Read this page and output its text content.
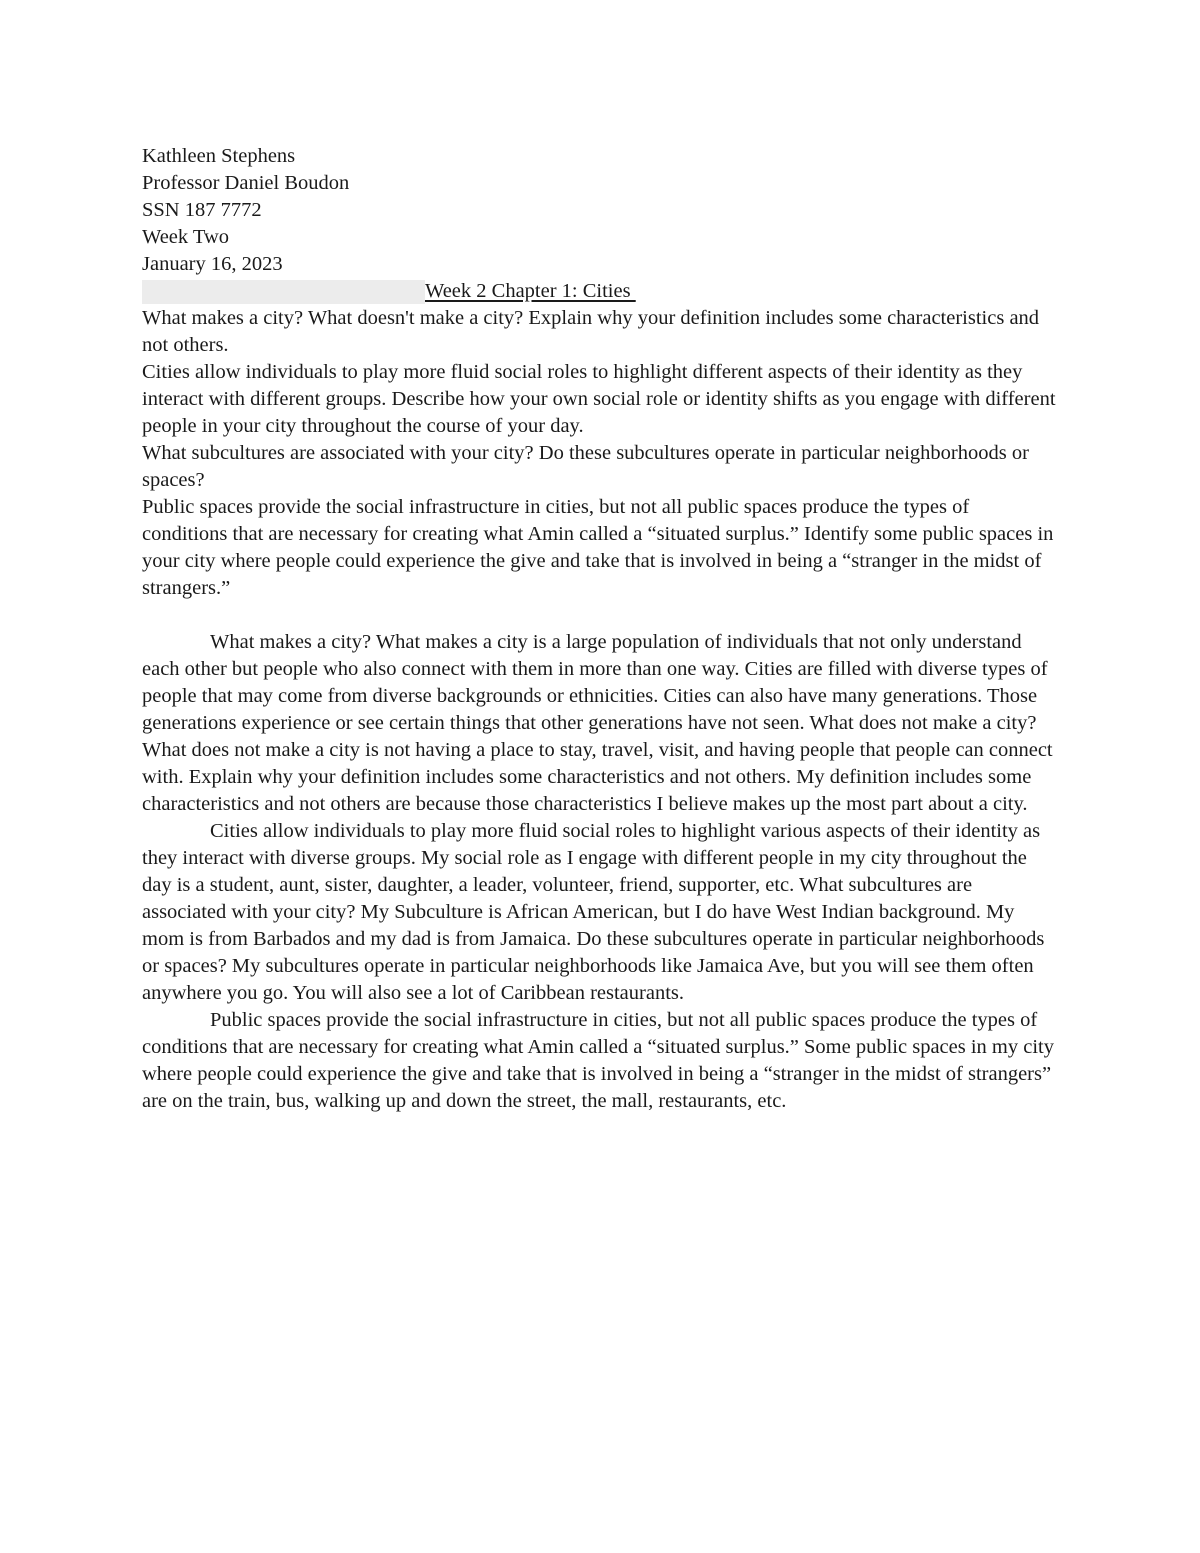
Kathleen Stephens
Professor Daniel Boudon
SSN 187 7772
Week Two
January 16, 2023
Week 2 Chapter 1: Cities

What makes a city? What doesn't make a city? Explain why your definition includes some characteristics and not others.

Cities allow individuals to play more fluid social roles to highlight different aspects of their identity as they interact with different groups. Describe how your own social role or identity shifts as you engage with different people in your city throughout the course of your day.

What subcultures are associated with your city? Do these subcultures operate in particular neighborhoods or spaces?

Public spaces provide the social infrastructure in cities, but not all public spaces produce the types of conditions that are necessary for creating what Amin called a “situated surplus.” Identify some public spaces in your city where people could experience the give and take that is involved in being a “stranger in the midst of strangers.”

What makes a city? What makes a city is a large population of individuals that not only understand each other but people who also connect with them in more than one way. Cities are filled with diverse types of people that may come from diverse backgrounds or ethnicities. Cities can also have many generations. Those generations experience or see certain things that other generations have not seen. What does not make a city? What does not make a city is not having a place to stay, travel, visit, and having people that people can connect with. Explain why your definition includes some characteristics and not others. My definition includes some characteristics and not others are because those characteristics I believe makes up the most part about a city.

Cities allow individuals to play more fluid social roles to highlight various aspects of their identity as they interact with diverse groups. My social role as I engage with different people in my city throughout the day is a student, aunt, sister, daughter, a leader, volunteer, friend, supporter, etc. What subcultures are associated with your city? My Subculture is African American, but I do have West Indian background. My mom is from Barbados and my dad is from Jamaica. Do these subcultures operate in particular neighborhoods or spaces? My subcultures operate in particular neighborhoods like Jamaica Ave, but you will see them often anywhere you go. You will also see a lot of Caribbean restaurants.

Public spaces provide the social infrastructure in cities, but not all public spaces produce the types of conditions that are necessary for creating what Amin called a “situated surplus.” Some public spaces in my city where people could experience the give and take that is involved in being a “stranger in the midst of strangers” are on the train, bus, walking up and down the street, the mall, restaurants, etc.
